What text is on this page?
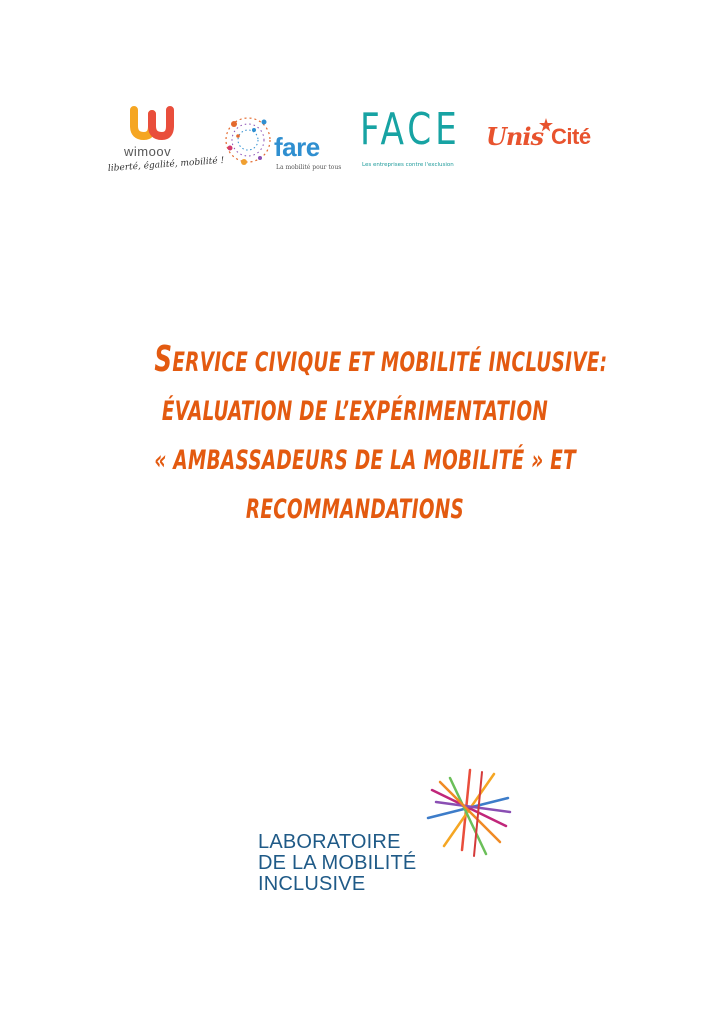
wimoov
liberté, égalité, mobilité !
fare
La mobilité pour tous
FACE
Les entreprises contre l'exclusion
Unis Cité
SERVICE CIVIQUE ET MOBILITÉ INCLUSIVE:
ÉVALUATION DE L’EXPÉRIMENTATION
« AMBASSADEURS DE LA MOBILITÉ » ET
RECOMMANDATIONS
LABORATOIRE
DE LA MOBILITÉ
INCLUSIVE
